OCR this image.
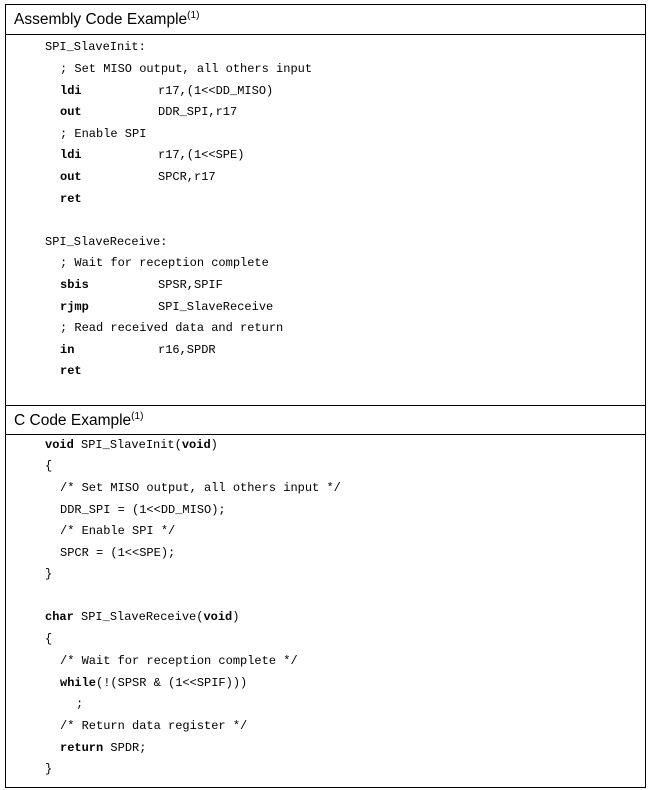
Assembly Code Example$^{(1)}$
SPI_SlaveInit:
; Set MISO output, all others input
ldi	r17,(1<<DD_MISO)
out	DDR_SPI,r17
; Enable SPI
ldi	r17,(1<<SPE)
out	SPCR,r17
ret
SPI_SlaveReceive:
; Wait for reception complete
sbis	SPSR,SPIF
rjmp	SPI_SlaveReceive
; Read received data and return
in	r16,SPDR
ret
C Code Example$^{(1)}$
void SPI_SlaveInit(void)
{
/* Set MISO output, all others input */
DDR_SPI = (1<<DD_MISO);
/* Enable SPI */
SPCR = (1<<SPE);
}
char SPI_SlaveReceive(void)
{
/* Wait for reception complete */
while(!(SPSR & (1<<SPIF)))
;
/* Return data register */
return SPDR;
}
